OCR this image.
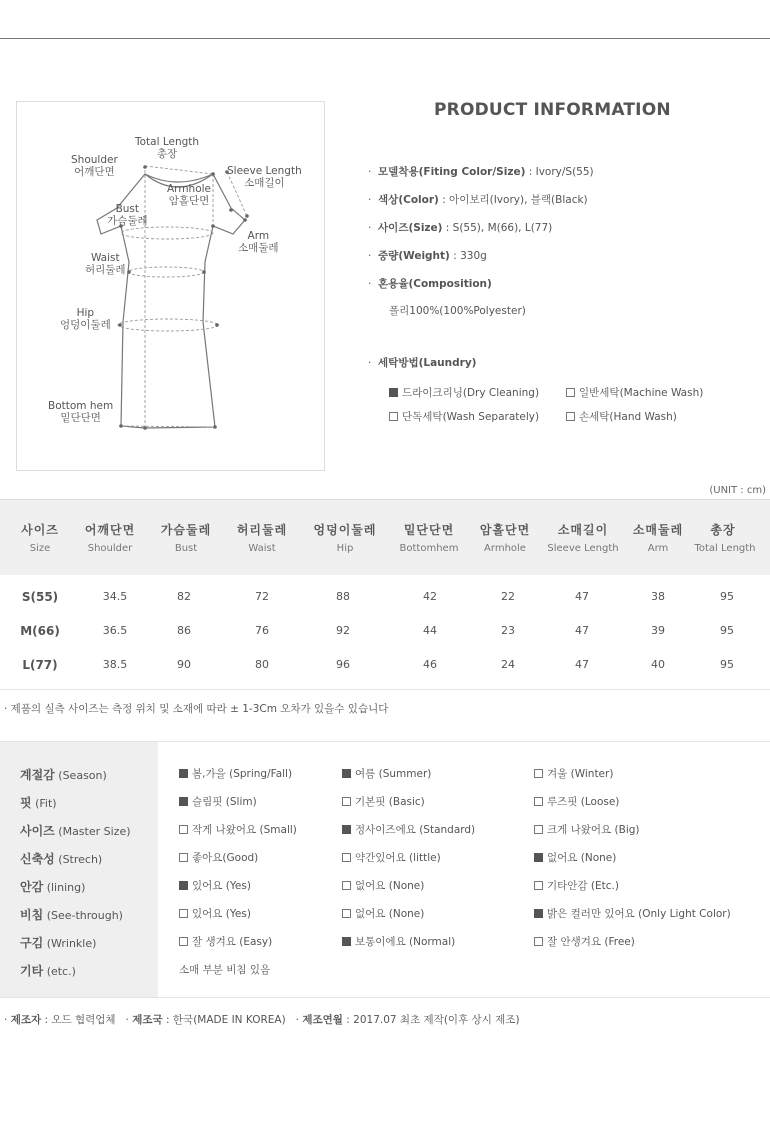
Total Length
총장
Shoulder
어깨단면	Sleeve Length
소매길이
Armhole
암홀단면
Bust
가슴둘레
Arm
소매둘레
Waist
허리둘레
Hip
엉덩이둘레
Bottom hem
밑단단면
PRODUCT INFORMATION
· 모델착용(Fiting Color/Size) : Ivory/S(55)
· 색상(Color) : 아이보리(Ivory), 블랙(Black)
· 사이즈(Size) : S(55), M(66), L(77)
· 중량(Weight) : 330g
· 혼용율(Composition)
폴리100%(100%Polyester)
· 세탁방법(Laundry)
드라이크리닝(Dry Cleaning)	일반세탁(Machine Wash)
단독세탁(Wash Separately)	손세탁(Hand Wash)
(UNIT : cm)
사이즈	어깨단면	가슴둘레	허리둘레	엉덩이둘레	밑단단면	암홀단면	소매길이	소매둘레	총장
Size	Shoulder	Bust	Waist	Hip	Bottomhem	Armhole	Sleeve Length	Arm	Total Length
S(55)	34.5	82	72	88	42	22	47	38	95
M(66)	36.5	86	76	92	44	23	47	39	95
L(77)	38.5	90	80	96	46	24	47	40	95
· 제품의 실측 사이즈는 측정 위치 및 소재에 따라 ± 1-3Cm 오차가 있을수 있습니다
계절감 (Season)	봄,가을 (Spring/Fall)	여름 (Summer)	겨울 (Winter)
핏 (Fit)	슬림핏 (Slim)	기본핏 (Basic)	루즈핏 (Loose)
사이즈 (Master Size)	작게 나왔어요 (Small)	정사이즈에요 (Standard)	크게 나왔어요 (Big)
신축성 (Strech)	좋아요(Good)	약간있어요 (little)	없어요 (None)
안감 (lining)	있어요 (Yes)	없어요 (None)	기타안감 (Etc.)
비침 (See-through)	있어요 (Yes)	없어요 (None)	밝은 컬러만 있어요 (Only Light Color)
구김 (Wrinkle)	잘 생겨요 (Easy)	보통이에요 (Normal)	잘 안생겨요 (Free)
기타 (etc.)	소매 부분 비침 있음
· 제조자 : 오드 협력업체   · 제조국 : 한국(MADE IN KOREA)   · 제조연월 : 2017.07 최초 제작(이후 상시 제조)
